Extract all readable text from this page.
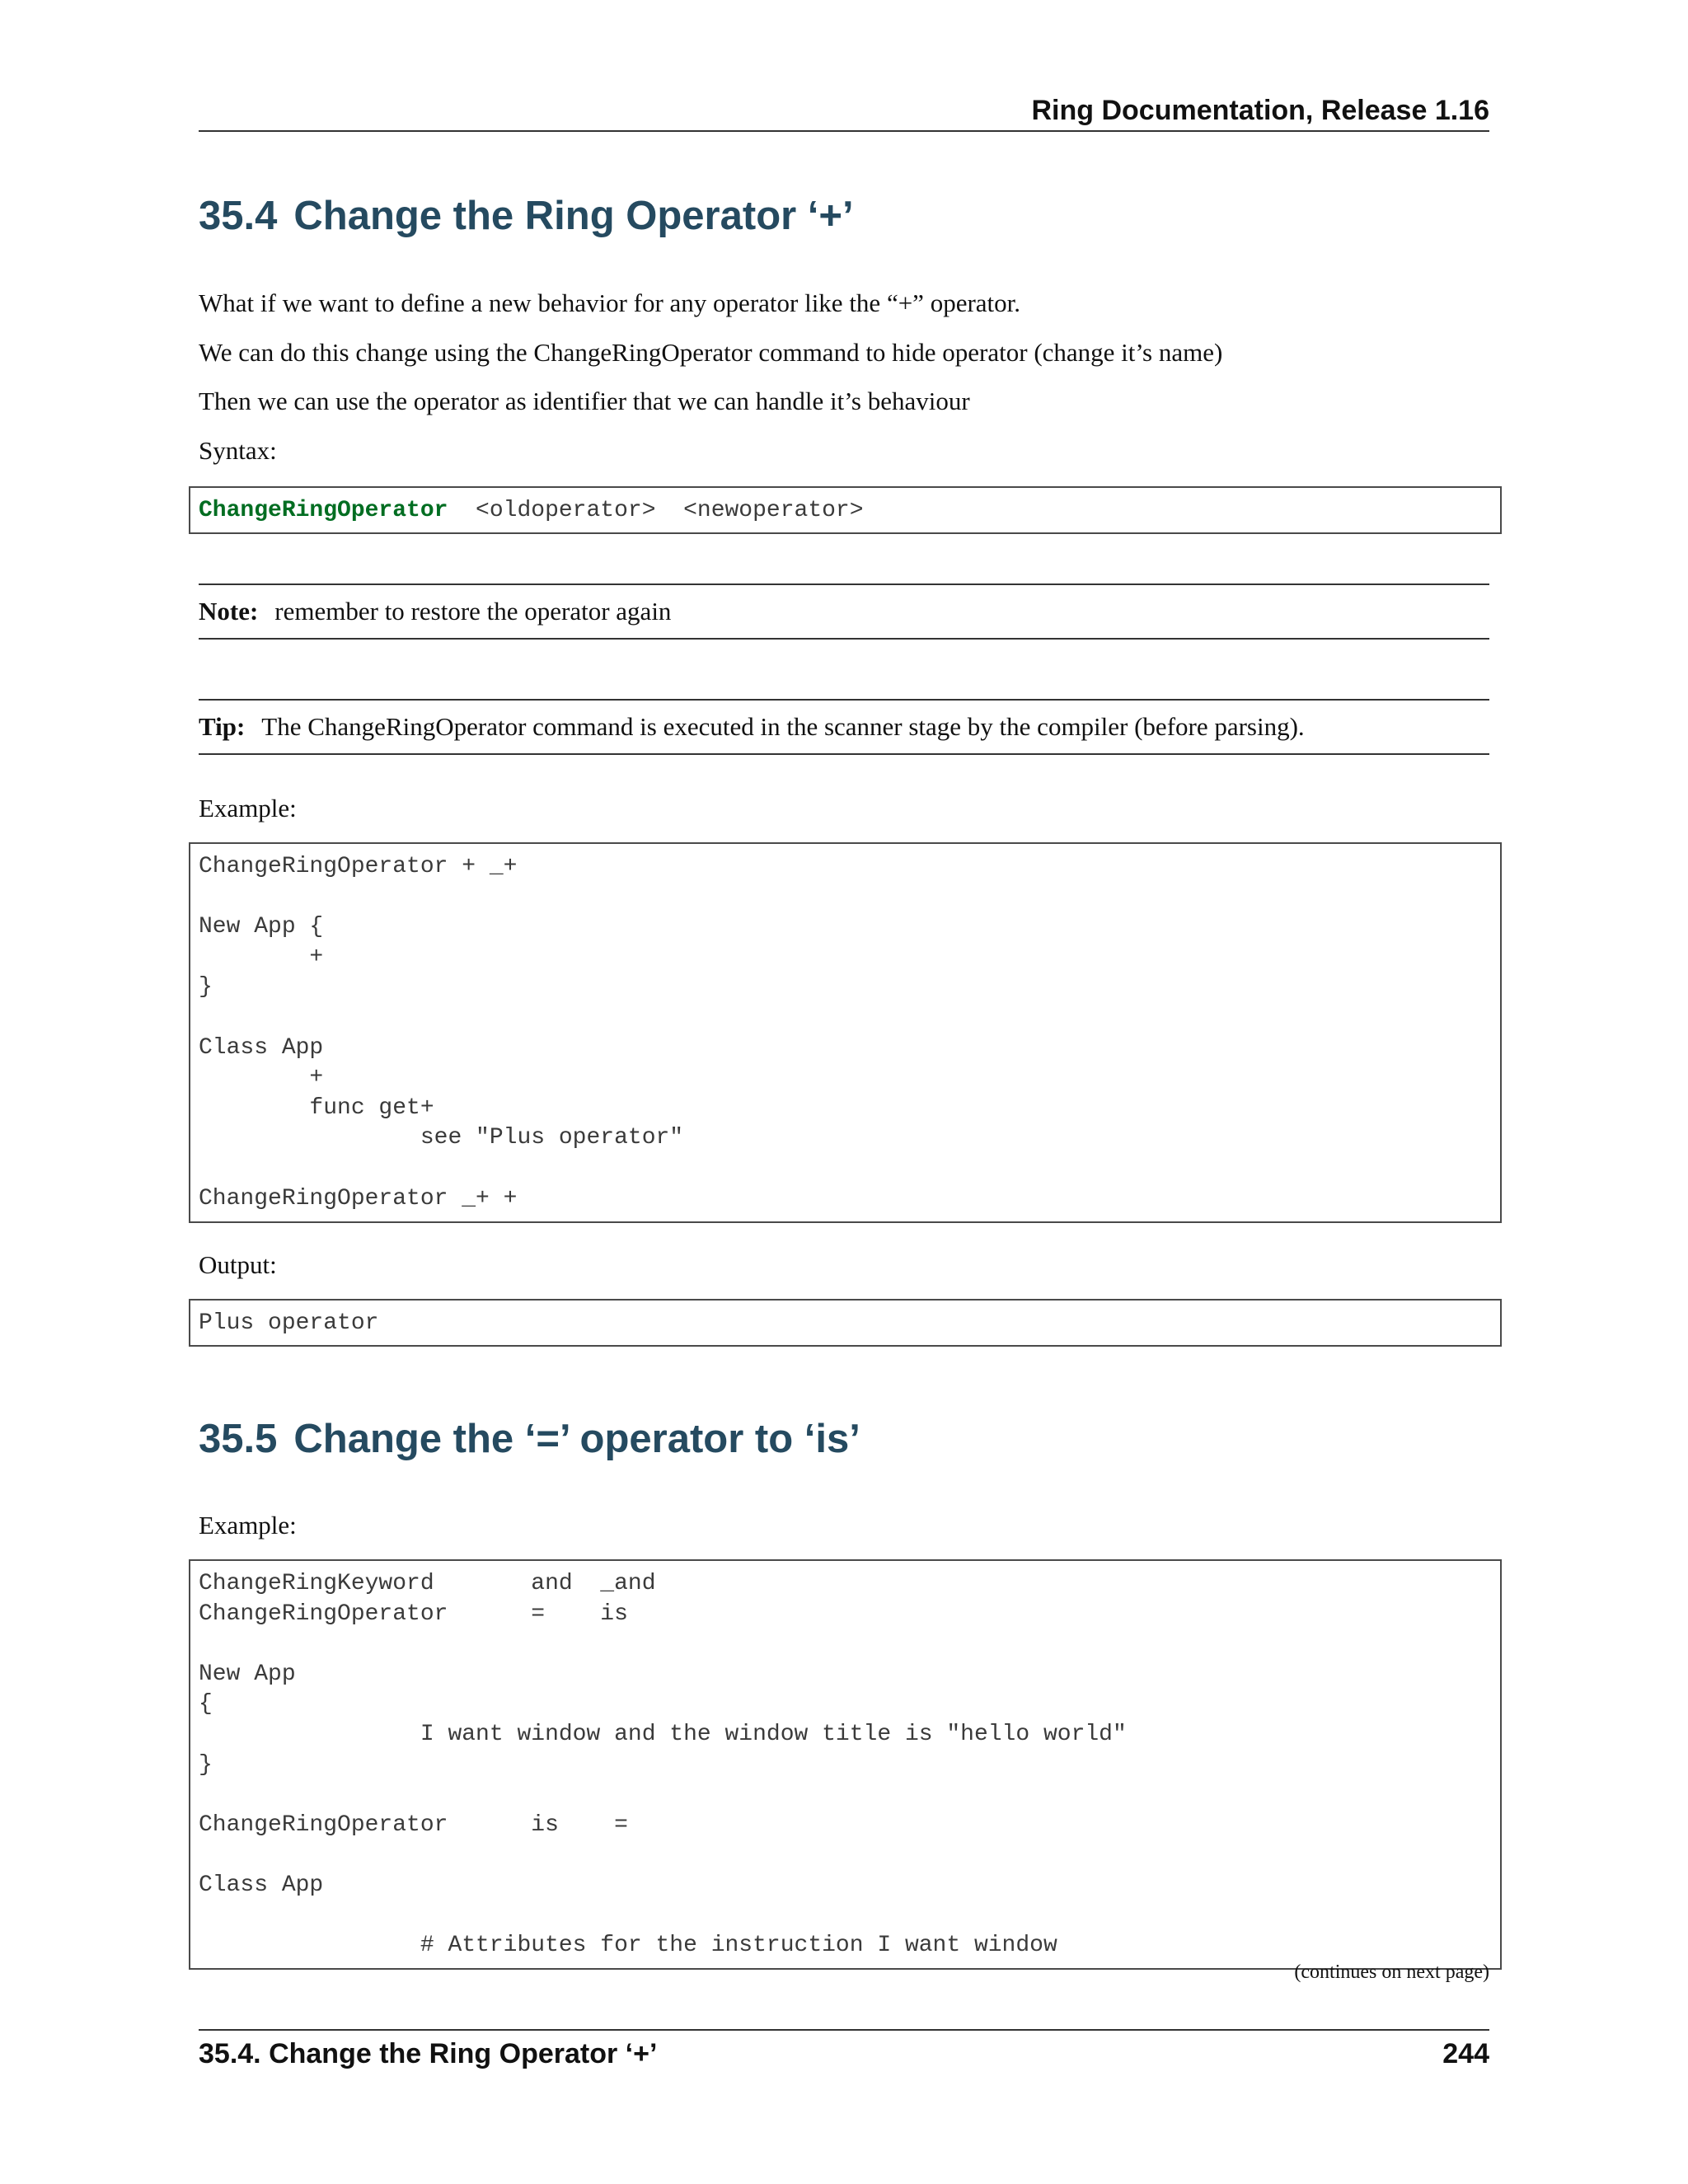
Ring Documentation, Release 1.16
35.4 Change the Ring Operator ‘+’

What if we want to define a new behavior for any operator like the “+” operator.

We can do this change using the ChangeRingOperator command to hide operator (change it’s name)

Then we can use the operator as identifier that we can handle it’s behaviour

Syntax:

ChangeRingOperator  <oldoperator>  <newoperator>
Note: remember to restore the operator again
Tip: The ChangeRingOperator command is executed in the scanner stage by the compiler (before parsing).

Example:

ChangeRingOperator + _+

New App {
+
}

Class App
+
func get+
see "Plus operator"

ChangeRingOperator _+ +

Output:

Plus operator
35.5 Change the ‘=’ operator to ‘is’

Example:

ChangeRingKeyword       and  _and
ChangeRingOperator      =    is

New App
{
I want window and the window title is "hello world"
}

ChangeRingOperator      is    =

Class App

# Attributes for the instruction I want window
(continues on next page)
35.4. Change the Ring Operator ‘+’	244
